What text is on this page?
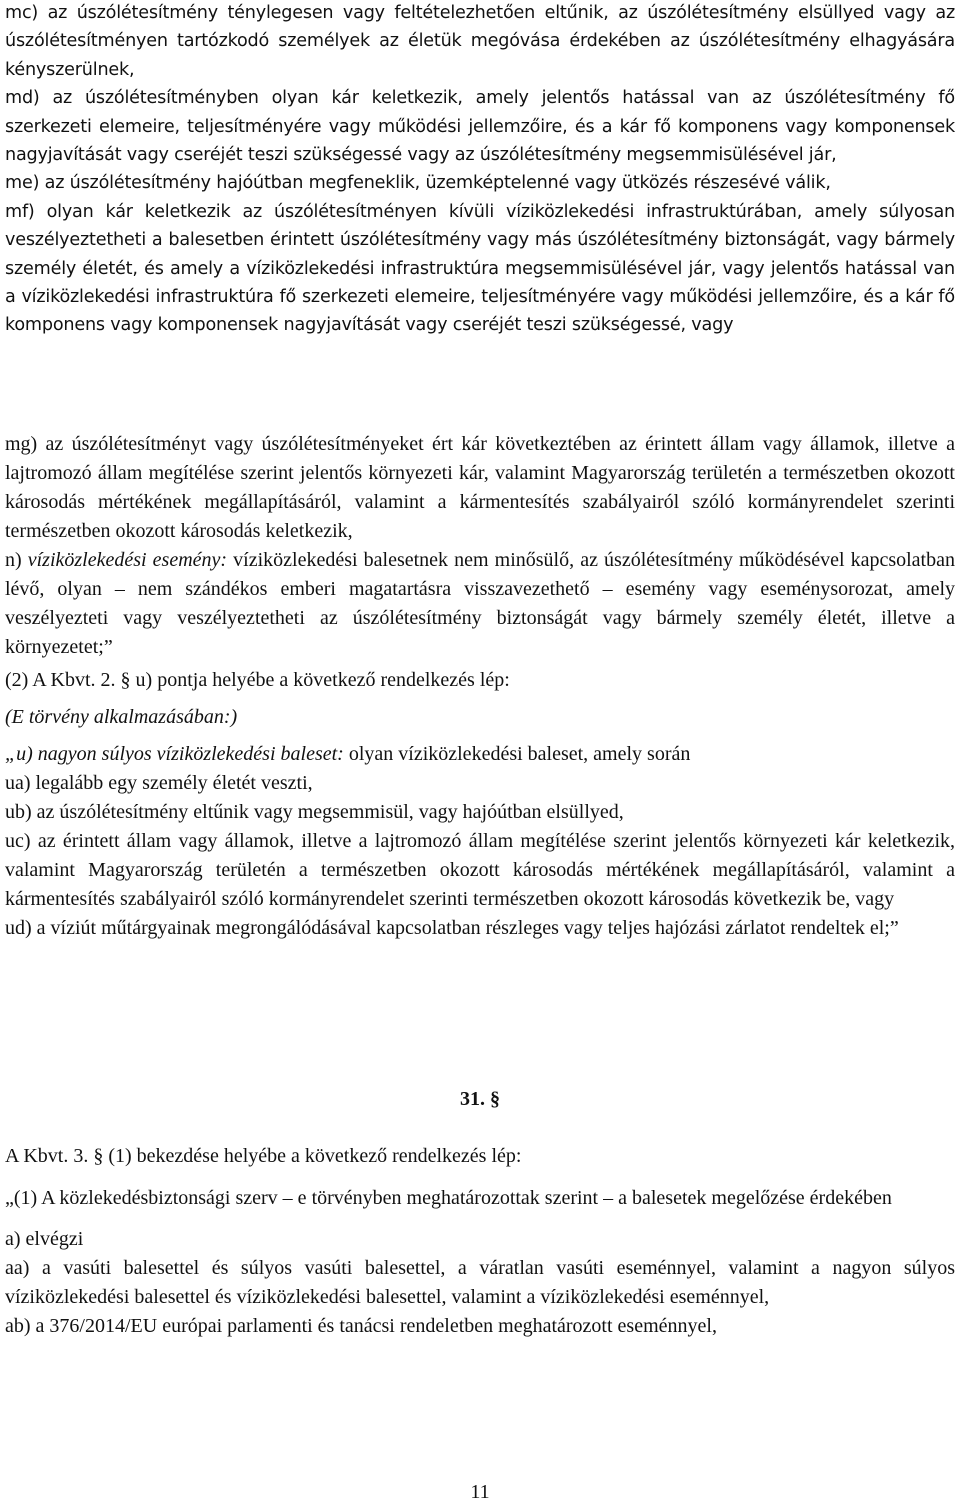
mc) az úszólétesítmény ténylegesen vagy feltételezhetően eltűnik, az úszólétesítmény elsüllyed vagy az úszólétesítményen tartózkodó személyek az életük megóvása érdekében az úszólétesítmény elhagyására kényszerülnek,

md) az úszólétesítményben olyan kár keletkezik, amely jelentős hatással van az úszólétesítmény fő szerkezeti elemeire, teljesítményére vagy működési jellemzőire, és a kár fő komponens vagy komponensek nagyjavítását vagy cseréjét teszi szükségessé vagy az úszólétesítmény megsemmisülésével jár,

me) az úszólétesítmény hajóútban megfeneklik, üzemképtelenné vagy ütközés részesévé válik,

mf) olyan kár keletkezik az úszólétesítményen kívüli víziközlekedési infrastruktúrában, amely súlyosan veszélyeztetheti a balesetben érintett úszólétesítmény vagy más úszólétesítmény biztonságát, vagy bármely személy életét, és amely a víziközlekedési infrastruktúra megsemmisülésével jár, vagy jelentős hatással van a víziközlekedési infrastruktúra fő szerkezeti elemeire, teljesítményére vagy működési jellemzőire, és a kár fő komponens vagy komponensek nagyjavítását vagy cseréjét teszi szükségessé, vagy

mg) az úszólétesítményt vagy úszólétesítményeket ért kár következtében az érintett állam vagy államok, illetve a lajtromozó állam megítélése szerint jelentős környezeti kár, valamint Magyarország területén a természetben okozott károsodás mértékének megállapításáról, valamint a kármentesítés szabályairól szóló kormányrendelet szerinti természetben okozott károsodás keletkezik,

n) víziközlekedési esemény: víziközlekedési balesetnek nem minősülő, az úszólétesítmény működésével kapcsolatban lévő, olyan – nem szándékos emberi magatartásra visszavezethető – esemény vagy eseménysorozat, amely veszélyezteti vagy veszélyeztetheti az úszólétesítmény biztonságát vagy bármely személy életét, illetve a környezetet;”

(2) A Kbvt. 2. § u) pontja helyébe a következő rendelkezés lép:

(E törvény alkalmazásában:)

„u) nagyon súlyos víziközlekedési baleset: olyan víziközlekedési baleset, amely során

ua) legalább egy személy életét veszti,

ub) az úszólétesítmény eltűnik vagy megsemmisül, vagy hajóútban elsüllyed,

uc) az érintett állam vagy államok, illetve a lajtromozó állam megítélése szerint jelentős környezeti kár keletkezik, valamint Magyarország területén a természetben okozott károsodás mértékének megállapításáról, valamint a kármentesítés szabályairól szóló kormányrendelet szerinti természetben okozott károsodás következik be, vagy

ud) a víziút műtárgyainak megrongálódásával kapcsolatban részleges vagy teljes hajózási zárlatot rendeltek el;”

31. §

A Kbvt. 3. § (1) bekezdése helyébe a következő rendelkezés lép:

„(1) A közlekedésbiztonsági szerv – e törvényben meghatározottak szerint – a balesetek megelőzése érdekében

a) elvégzi

aa) a vasúti balesettel és súlyos vasúti balesettel, a váratlan vasúti eseménnyel, valamint a nagyon súlyos víziközlekedési balesettel és víziközlekedési balesettel, valamint a víziközlekedési eseménnyel,

ab) a 376/2014/EU európai parlamenti és tanácsi rendeletben meghatározott eseménnyel,

11
